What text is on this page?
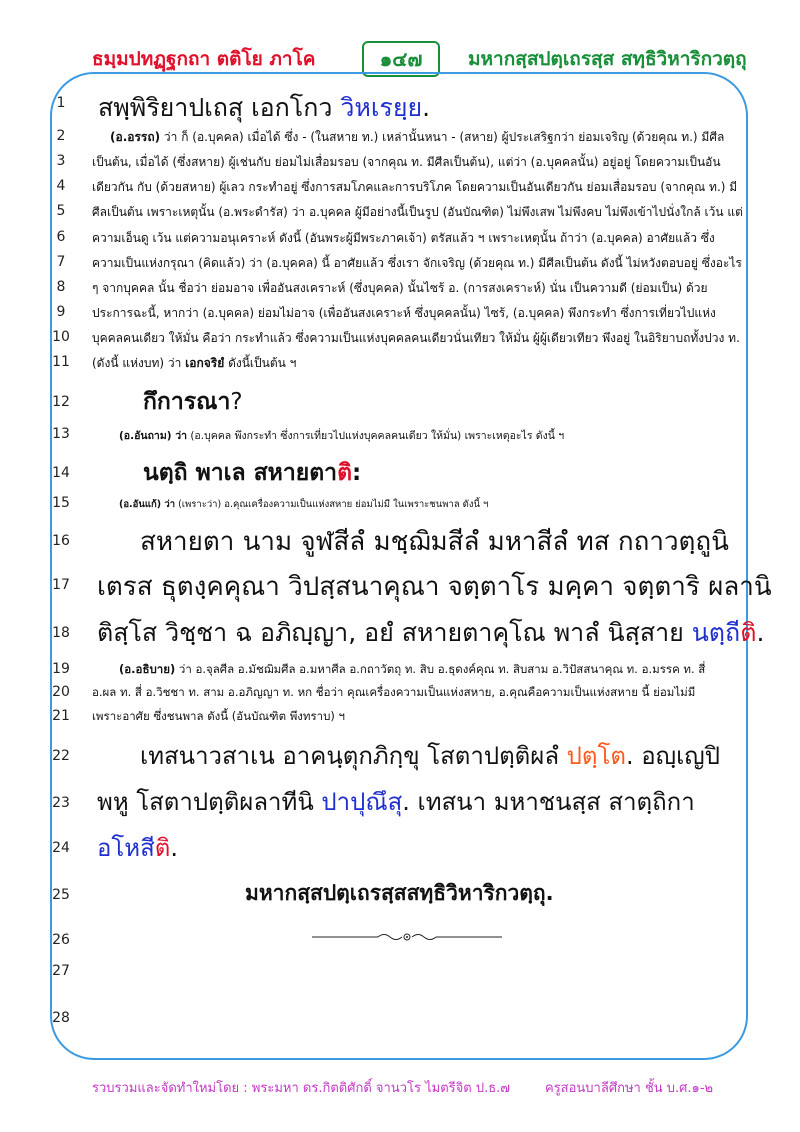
ธมฺมปทฏฺฐกถา ตติโย ภาโค	๑๔๗	มหากสฺสปตฺเถรสฺส สทฺธิวิหาริกวตฺถุ
1
2
3
4
5
6
7
8
9
10
11
12
13
14
15
16
17
18
19
20
21
22
23
24
25
26
27
28
สพฺพิริยาปเถสุ เอกโกว วิหเรยฺย.
(อ.อรรถ) ว่า ก็ (อ.บุคคล) เมื่อได้ ซึ่ง - (ในสหาย ท.) เหล่านั้นหนา - (สหาย) ผู้ประเสริฐกว่า ย่อมเจริญ (ด้วยคุณ ท.) มีศีล
เป็นต้น, เมื่อได้ (ซึ่งสหาย) ผู้เช่นกับ ย่อมไม่เสื่อมรอบ (จากคุณ ท. มีศีลเป็นต้น), แต่ว่า (อ.บุคคลนั้น) อยู่อยู่ โดยความเป็นอัน
เดียวกัน กับ (ด้วยสหาย) ผู้เลว กระทำอยู่ ซึ่งการสมโภคและการบริโภค โดยความเป็นอันเดียวกัน ย่อมเสื่อมรอบ (จากคุณ ท.) มี
ศีลเป็นต้น เพราะเหตุนั้น (อ.พระดำรัส) ว่า อ.บุคคล ผู้มีอย่างนี้เป็นรูป (อันบัณฑิต) ไม่พึงเสพ ไม่พึงคบ ไม่พึงเข้าไปนั่งใกล้ เว้น แต่
ความเอ็นดู เว้น แต่ความอนุเคราะห์ ดังนี้ (อันพระผู้มีพระภาคเจ้า) ตรัสแล้ว ฯ เพราะเหตุนั้น ถ้าว่า (อ.บุคคล) อาศัยแล้ว ซึ่ง
ความเป็นแห่งกรุณา (คิดแล้ว) ว่า (อ.บุคคล) นี้ อาศัยแล้ว ซึ่งเรา จักเจริญ (ด้วยคุณ ท.) มีศีลเป็นต้น ดังนี้ ไม่หวังตอบอยู่ ซึ่งอะไร
ๆ จากบุคคล นั้น ชื่อว่า ย่อมอาจ เพื่ออันสงเคราะห์ (ซึ่งบุคคล) นั้นไซร้ อ. (การสงเคราะห์) นั่น เป็นความดี (ย่อมเป็น) ด้วย
ประการฉะนี้, หากว่า (อ.บุคคล) ย่อมไม่อาจ (เพื่ออันสงเคราะห์ ซึ่งบุคคลนั้น) ไซร้, (อ.บุคคล) พึงกระทำ ซึ่งการเที่ยวไปแห่ง
บุคคลคนเดียว ให้มั่น คือว่า กระทำแล้ว ซึ่งความเป็นแห่งบุคคลคนเดียวนั่นเทียว ให้มั่น ผู้ผู้เดียวเทียว พึงอยู่ ในอิริยาบถทั้งปวง ท.
(ดังนี้ แห่งบท) ว่า เอกจริยํ ดังนี้เป็นต้น ฯ
กึการณา?
(อ.อันถาม) ว่า (อ.บุคคล พึงกระทำ ซึ่งการเที่ยวไปแห่งบุคคลคนเดียว ให้มั่น) เพราะเหตุอะไร ดังนี้ ฯ
นตฺถิ พาเล สหายตาติ:
(อ.อันแก้) ว่า (เพราะว่า) อ.คุณเครื่องความเป็นแห่งสหาย ย่อมไม่มี ในเพราะชนพาล ดังนี้ ฯ
สหายตา นาม จูฬสีลํ มชฺฌิมสีลํ มหาสีลํ ทส กถาวตฺถูนิ
เตรส ธุตงฺคคุณา วิปสฺสนาคุณา จตฺตาโร มคฺคา จตฺตาริ ผลานิ
ติสฺโส วิชฺชา ฉ อภิญฺญา, อยํ สหายตาคุโณ พาลํ นิสฺสาย นตฺถีติ.
(อ.อธิบาย) ว่า อ.จุลศีล อ.มัชฌิมศีล อ.มหาศีล อ.กถาวัตถุ ท. สิบ อ.ธุดงค์คุณ ท. สิบสาม อ.วิปัสสนาคุณ ท. อ.มรรค ท. สี่
อ.ผล ท. สี่ อ.วิชชา ท. สาม อ.อภิญญา ท. หก ชื่อว่า คุณเครื่องความเป็นแห่งสหาย, อ.คุณคือความเป็นแห่งสหาย นี้ ย่อมไม่มี
เพราะอาศัย ซึ่งชนพาล ดังนี้ (อันบัณฑิต พึงทราบ) ฯ
เทสนาวสาเน อาคนฺตุกภิกฺขุ โสตาปตฺติผลํ ปตฺโต. อญฺเญปิ
พหู โสตาปตฺติผลาทีนิ ปาปุณึสุ. เทสนา มหาชนสฺส สาตฺถิกา
อโหสีติ.
มหากสฺสปตฺเถรสฺสสทฺธิวิหาริกวตฺถุ.
รวบรวมและจัดทำใหม่โดย : พระมหา ดร.กิตติศักดิ์ จานวโร ไมตรีจิต ป.ธ.๗	ครูสอนบาลีศึกษา ชั้น บ.ศ.๑-๒
